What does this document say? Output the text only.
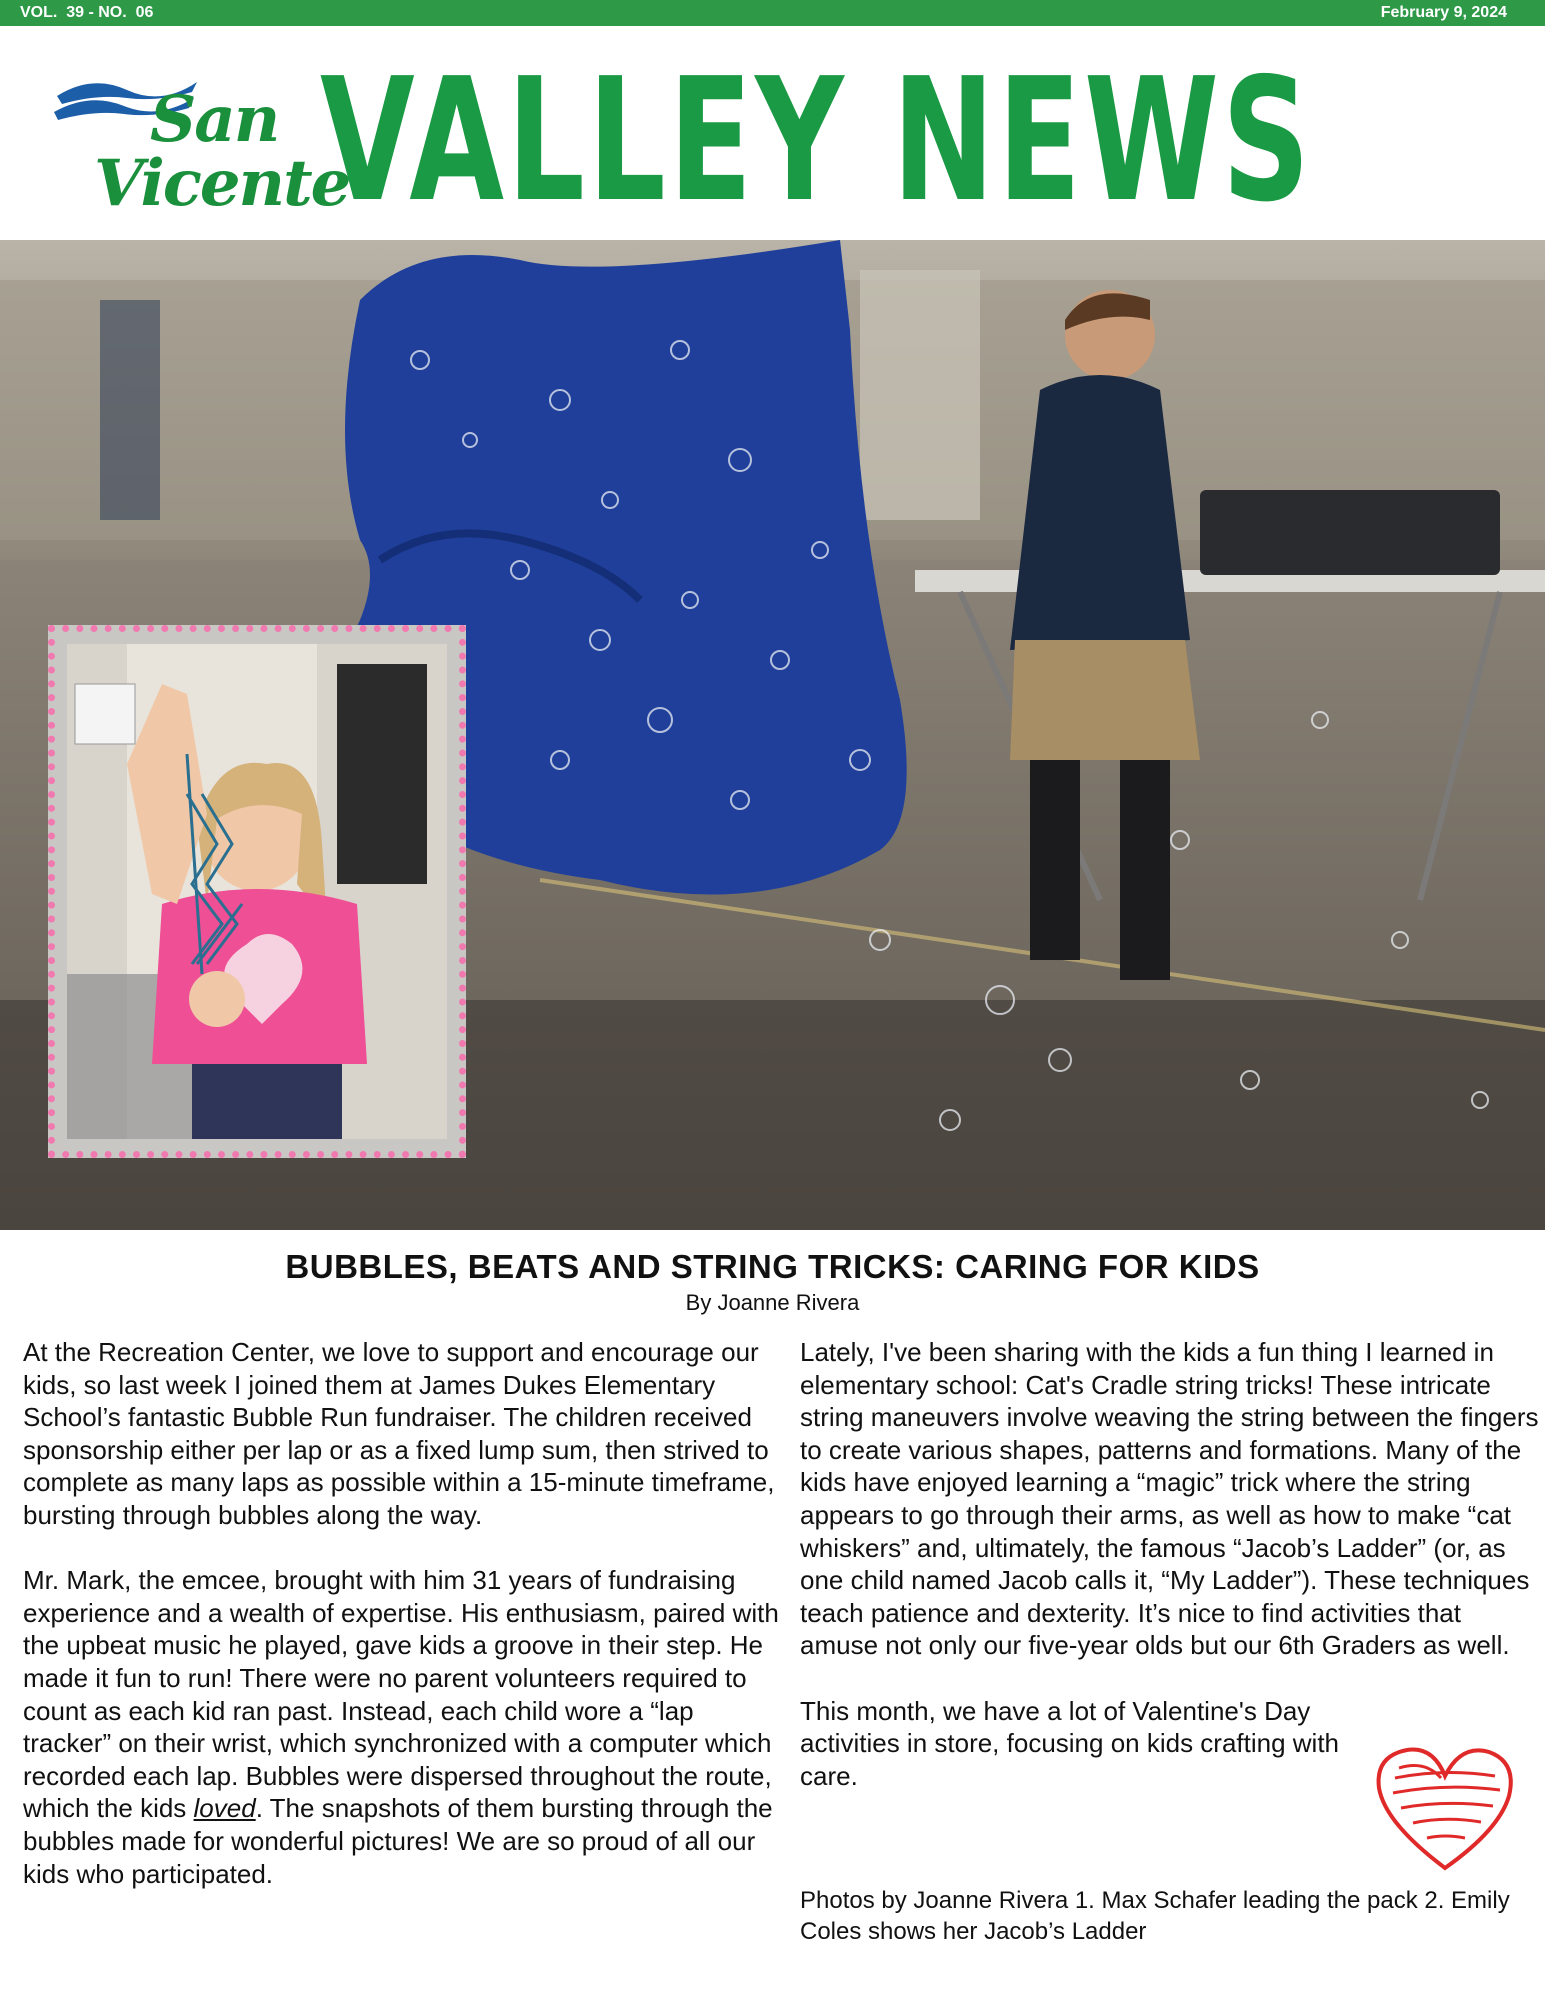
VOL.  39 - NO.  06	February 9, 2024
San
Vicente
VALLEY NEWS
BUBBLES, BEATS AND STRING TRICKS: CARING FOR KIDS
By Joanne Rivera

At the Recreation Center, we love to support and encourage our kids, so last week I joined them at James Dukes Elementary School’s fantastic Bubble Run fundraiser. The children received sponsorship either per lap or as a fixed lump sum, then strived to complete as many laps as possible within a 15-minute timeframe, bursting through bubbles along the way.

Mr. Mark, the emcee, brought with him 31 years of fundraising experience and a wealth of expertise. His enthusiasm, paired with the upbeat music he played, gave kids a groove in their step. He made it fun to run! There were no parent volunteers required to count as each kid ran past. Instead, each child wore a “lap tracker” on their wrist, which synchronized with a computer which recorded each lap. Bubbles were dispersed throughout the route, which the kids loved. The snapshots of them bursting through the bubbles made for wonderful pictures! We are so proud of all our kids who participated.

Lately, I've been sharing with the kids a fun thing I learned in elementary school: Cat's Cradle string tricks! These intricate string maneuvers involve weaving the string between the fingers to create various shapes, patterns and formations. Many of the kids have enjoyed learning a “magic” trick where the string appears to go through their arms, as well as how to make “cat whiskers” and, ultimately, the famous “Jacob’s Ladder” (or, as one child named Jacob calls it, “My Ladder”). These techniques teach patience and dexterity. It’s nice to find activities that amuse not only our five-year olds but our 6th Graders as well.

This month, we have a lot of Valentine's Day activities in store, focusing on kids crafting with care.

Photos by Joanne Rivera 1. Max Schafer leading the pack 2. Emily Coles shows her Jacob’s Ladder
